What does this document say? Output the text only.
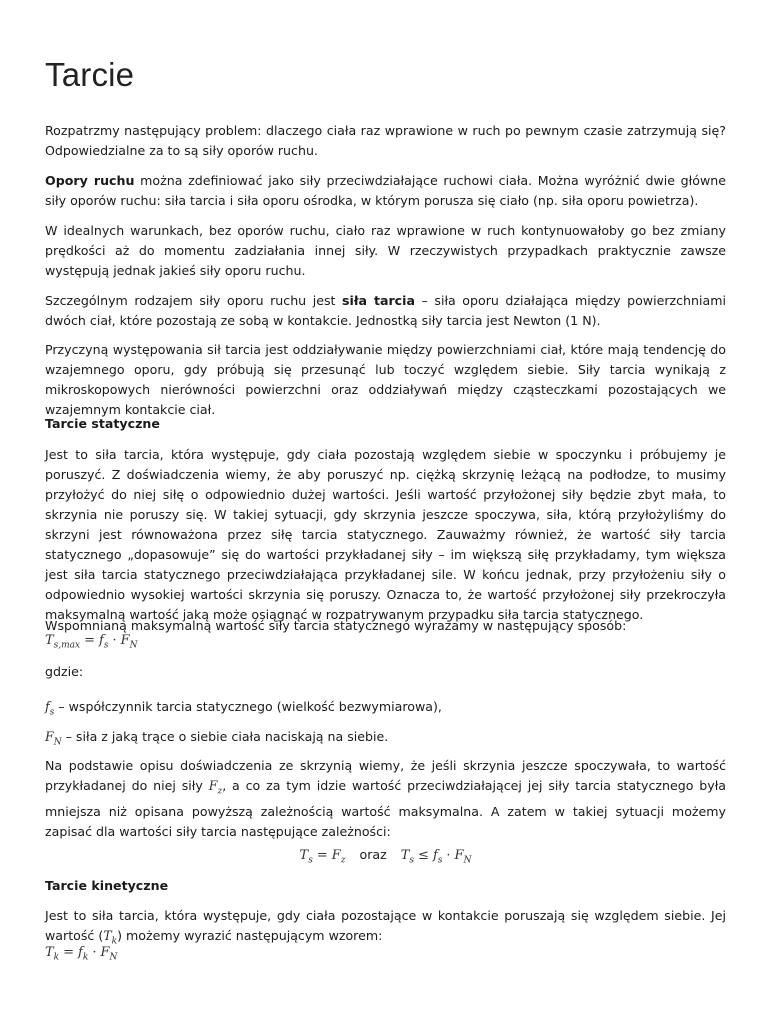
Tarcie

Rozpatrzmy następujący problem: dlaczego ciała raz wprawione w ruch po pewnym czasie zatrzymują się? Odpowiedzialne za to są siły oporów ruchu.

Opory ruchu można zdefiniować jako siły przeciwdziałające ruchowi ciała. Można wyróżnić dwie główne siły oporów ruchu: siła tarcia i siła oporu ośrodka, w którym porusza się ciało (np. siła oporu powietrza).

W idealnych warunkach, bez oporów ruchu, ciało raz wprawione w ruch kontynuowałoby go bez zmiany prędkości aż do momentu zadziałania innej siły. W rzeczywistych przypadkach praktycznie zawsze występują jednak jakieś siły oporu ruchu.

Szczególnym rodzajem siły oporu ruchu jest siła tarcia – siła oporu działająca między powierzchniami dwóch ciał, które pozostają ze sobą w kontakcie. Jednostką siły tarcia jest Newton (1 N).

Przyczyną występowania sił tarcia jest oddziaływanie między powierzchniami ciał, które mają tendencję do wzajemnego oporu, gdy próbują się przesunąć lub toczyć względem siebie. Siły tarcia wynikają z mikroskopowych nierówności powierzchni oraz oddziaływań między cząsteczkami pozostających we wzajemnym kontakcie ciał.

Tarcie statyczne

Jest to siła tarcia, która występuje, gdy ciała pozostają względem siebie w spoczynku i próbujemy je poruszyć. Z doświadczenia wiemy, że aby poruszyć np. ciężką skrzynię leżącą na podłodze, to musimy przyłożyć do niej siłę o odpowiednio dużej wartości. Jeśli wartość przyłożonej siły będzie zbyt mała, to skrzynia nie poruszy się. W takiej sytuacji, gdy skrzynia jeszcze spoczywa, siła, którą przyłożyliśmy do skrzyni jest równoważona przez siłę tarcia statycznego. Zauważmy również, że wartość siły tarcia statycznego „dopasowuje” się do wartości przykładanej siły – im większą siłę przykładamy, tym większa jest siła tarcia statycznego przeciwdziałająca przykładanej sile. W końcu jednak, przy przyłożeniu siły o odpowiednio wysokiej wartości skrzynia się poruszy. Oznacza to, że wartość przyłożonej siły przekroczyła maksymalną wartość jaką może osiągnąć w rozpatrywanym przypadku siła tarcia statycznego.

Wspomnianą maksymalną wartość siły tarcia statycznego wyrażamy w następujący sposób:

$T_{s,max} = f_s \cdot F_N$

gdzie:

$f_s$ – współczynnik tarcia statycznego (wielkość bezwymiarowa),

$F_N$ – siła z jaką trące o siebie ciała naciskają na siebie.

Na podstawie opisu doświadczenia ze skrzynią wiemy, że jeśli skrzynia jeszcze spoczywała, to wartość przykładanej do niej siły $F_z$, a co za tym idzie wartość przeciwdziałającej jej siły tarcia statycznego była mniejsza niż opisana powyższą zależnością wartość maksymalna. A zatem w takiej sytuacji możemy zapisać dla wartości siły tarcia następujące zależności:

$T_s = F_z$ oraz $T_s \le f_s \cdot F_N$

Tarcie kinetyczne

Jest to siła tarcia, która występuje, gdy ciała pozostające w kontakcie poruszają się względem siebie. Jej wartość $(T_k)$ możemy wyrazić następującym wzorem:

$T_k = f_k \cdot F_N$
